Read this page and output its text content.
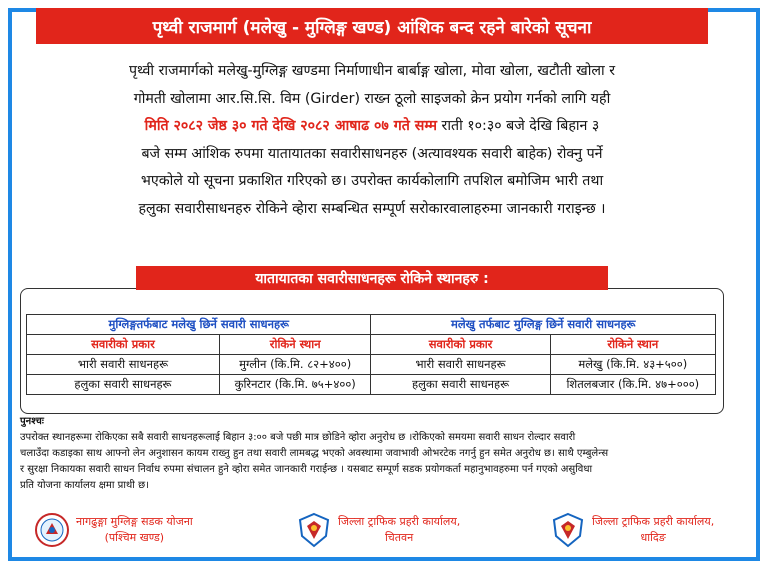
पृथ्वी राजमार्ग (मलेखु - मुग्लिङ्ग खण्ड) आंशिक बन्द रहने बारेको सूचना
पृथ्वी राजमार्गको मलेखु-मुग्लिङ्ग खण्डमा निर्माणाधीन बार्बाङ्ग खोला, मोवा खोला, खटौती खोला र
गोमती खोलामा आर.सि.सि. विम (Girder) राख्न ठूलो साइजको क्रेन प्रयोग गर्नको लागि यही
मिति २०८२ जेष्ठ ३० गते देखि २०८२ आषाढ ०७ गते सम्म राती १०:३० बजे देखि बिहान ३
बजे सम्म आंशिक रुपमा यातायातका सवारीसाधनहरु (अत्यावश्यक सवारी बाहेक) रोक्नु पर्ने
भएकोले यो सूचना प्रकाशित गरिएको छ। उपरोक्त कार्यकोलागि तपशिल बमोजिम भारी तथा
हलुका सवारीसाधनहरु रोकिने व्हेारा सम्बन्धित सम्पूर्ण सरोकारवालाहरुमा जानकारी गराइन्छ ।
यातायातका सवारीसाधनहरू रोकिने स्थानहरु :
मुग्लिङ्गतर्फबाट मलेखु छिर्ने सवारी साधनहरू		मलेखु तर्फबाट मुग्लिङ्ग छिर्ने सवारी साधनहरू	
सवारीको प्रकार	रोकिने स्थान	सवारीको प्रकार	रोकिने स्थान
भारी सवारी साधनहरू	मुग्लीन (कि.मि. ८२+४००)	भारी सवारी साधनहरू	मलेखु (कि.मि. ४३+५००)
हलुका सवारी साधनहरू	कुरिनटार (कि.मि. ७५+४००)	हलुका सवारी साधनहरू	शितलबजार (कि.मि. ४७+०००)
पुनश्चः
उपरोक्त स्थानहरूमा रोकिएका सबै सवारी साधनहरूलाई बिहान ३:०० बजे पछी मात्र छोडिने व्होरा अनुरोध छ ।रोकिएको समयमा सवारी साधन रोल्दार सवारी
चलाउँदा कडाइका साथ आफ्नो लेन अनुशासन कायम राख्नु हुन तथा सवारी लामबद्ध भएको अवस्थामा जवाभावी ओभरटेक नगर्नु हुन समेत अनुरोध छ। साथै एम्बुलेन्स
र सुरक्षा निकायका सवारी साधन निर्वाध रुपमा संचालन हुने व्होरा समेत जानकारी गराईन्छ । यसबाट सम्पूर्ण सडक प्रयोगकर्ता महानुभावहरुमा पर्न गएको असुविधा
प्रति योजना कार्यालय क्षमा प्राथी छ।
नागढुङ्गा मुग्लिङ्ग सडक योजना
(पश्चिम खण्ड)
जिल्ला ट्राफिक प्रहरी कार्यालय,
चितवन
जिल्ला ट्राफिक प्रहरी कार्यालय,
धादिङ
